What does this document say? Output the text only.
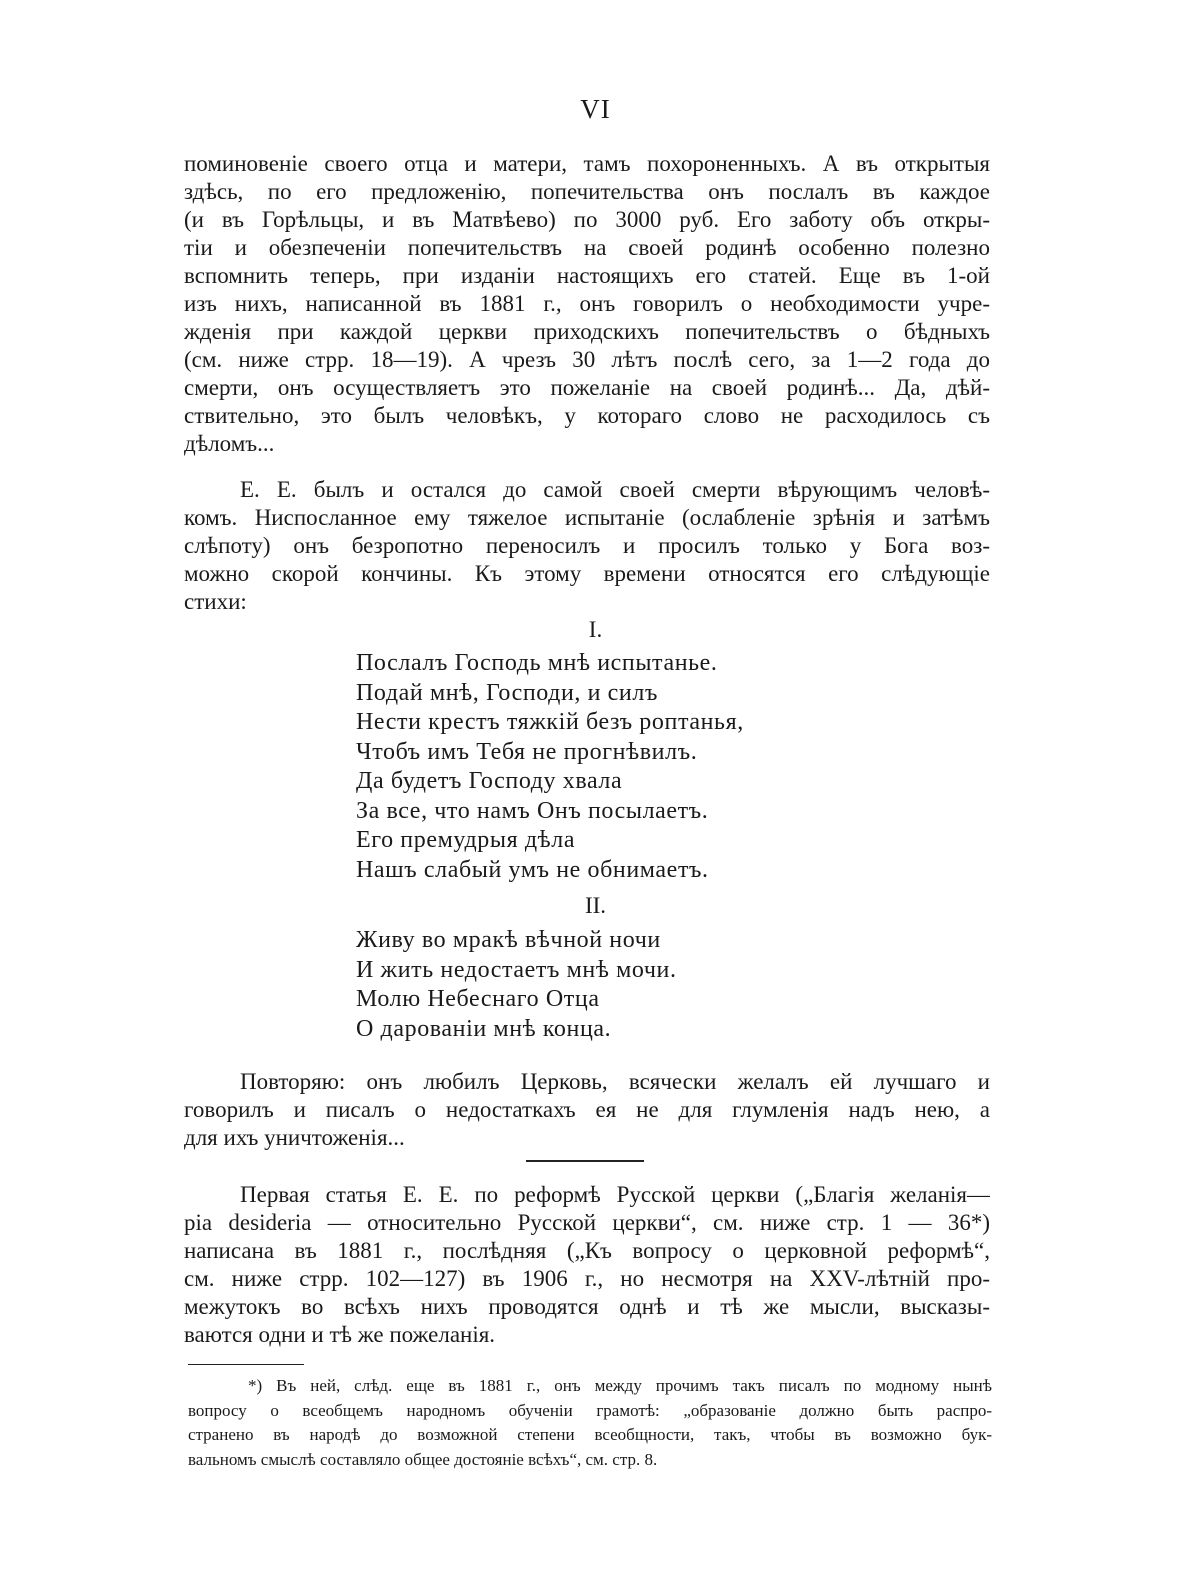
VI
поминовенiе своего отца и матери, тамъ похороненныхъ. А въ открытыя
здѣсь, по его предложенiю, попечительства онъ послалъ въ каждое
(и въ Горѣльцы, и въ Матвѣево) по 3000 руб. Его заботу объ откры-
тiи и обезпеченiи попечительствъ на своей родинѣ особенно полезно
вспомнить теперь, при изданiи настоящихъ его статей. Еще въ 1-ой
изъ нихъ, написанной въ 1881 г., онъ говорилъ о необходимости учре-
жденiя при каждой церкви приходскихъ попечительствъ о бѣдныхъ
(см. ниже стрр. 18—19). А чрезъ 30 лѣтъ послѣ сего, за 1—2 года до
смерти, онъ осуществляетъ это пожеланiе на своей родинѣ... Да, дѣй-
ствительно, это былъ человѣкъ, у котораго слово не расходилось съ
дѣломъ...
Е. Е. былъ и остался до самой своей смерти вѣрующимъ человѣ-
комъ. Ниспосланное ему тяжелое испытанiе (ослабленiе зрѣнiя и затѣмъ
слѣпоту) онъ безропотно переносилъ и просилъ только у Бога воз-
можно скорой кончины. Къ этому времени относятся его слѣдующiе
стихи:
I.
Послалъ Господь мнѣ испытанье.
Подай мнѣ, Господи, и силъ
Нести крестъ тяжкiй безъ роптанья,
Чтобъ имъ Тебя не прогнѣвилъ.
Да будетъ Господу хвала
За все, что намъ Онъ посылаетъ.
Его премудрыя дѣла
Нашъ слабый умъ не обнимаетъ.
II.
Живу во мракѣ вѣчной ночи
И жить недостаетъ мнѣ мочи.
Молю Небеснаго Отца
О дарованiи мнѣ конца.
Повторяю: онъ любилъ Церковь, всячески желалъ ей лучшаго и
говорилъ и писалъ о недостаткахъ ея не для глумленiя надъ нею, а
для ихъ уничтоженiя...
Первая статья Е. Е. по реформѣ Русской церкви („Благiя желанiя—
pia desideria — относительно Русской церкви“, см. ниже стр. 1 — 36*)
написана въ 1881 г., послѣдняя („Къ вопросу о церковной реформѣ“,
см. ниже стрр. 102—127) въ 1906 г., но несмотря на XXV-лѣтнiй про-
межутокъ во всѣхъ нихъ проводятся однѣ и тѣ же мысли, высказы-
ваются одни и тѣ же пожеланiя.
*) Въ ней, слѣд. еще въ 1881 г., онъ между прочимъ такъ писалъ по модному нынѣ
вопросу о всеобщемъ народномъ обученiи грамотѣ: „образованiе должно быть распро-
странено въ народѣ до возможной степени всеобщности, такъ, чтобы въ возможно бук-
вальномъ смыслѣ составляло общее достоянiе всѣхъ“, см. стр. 8.
